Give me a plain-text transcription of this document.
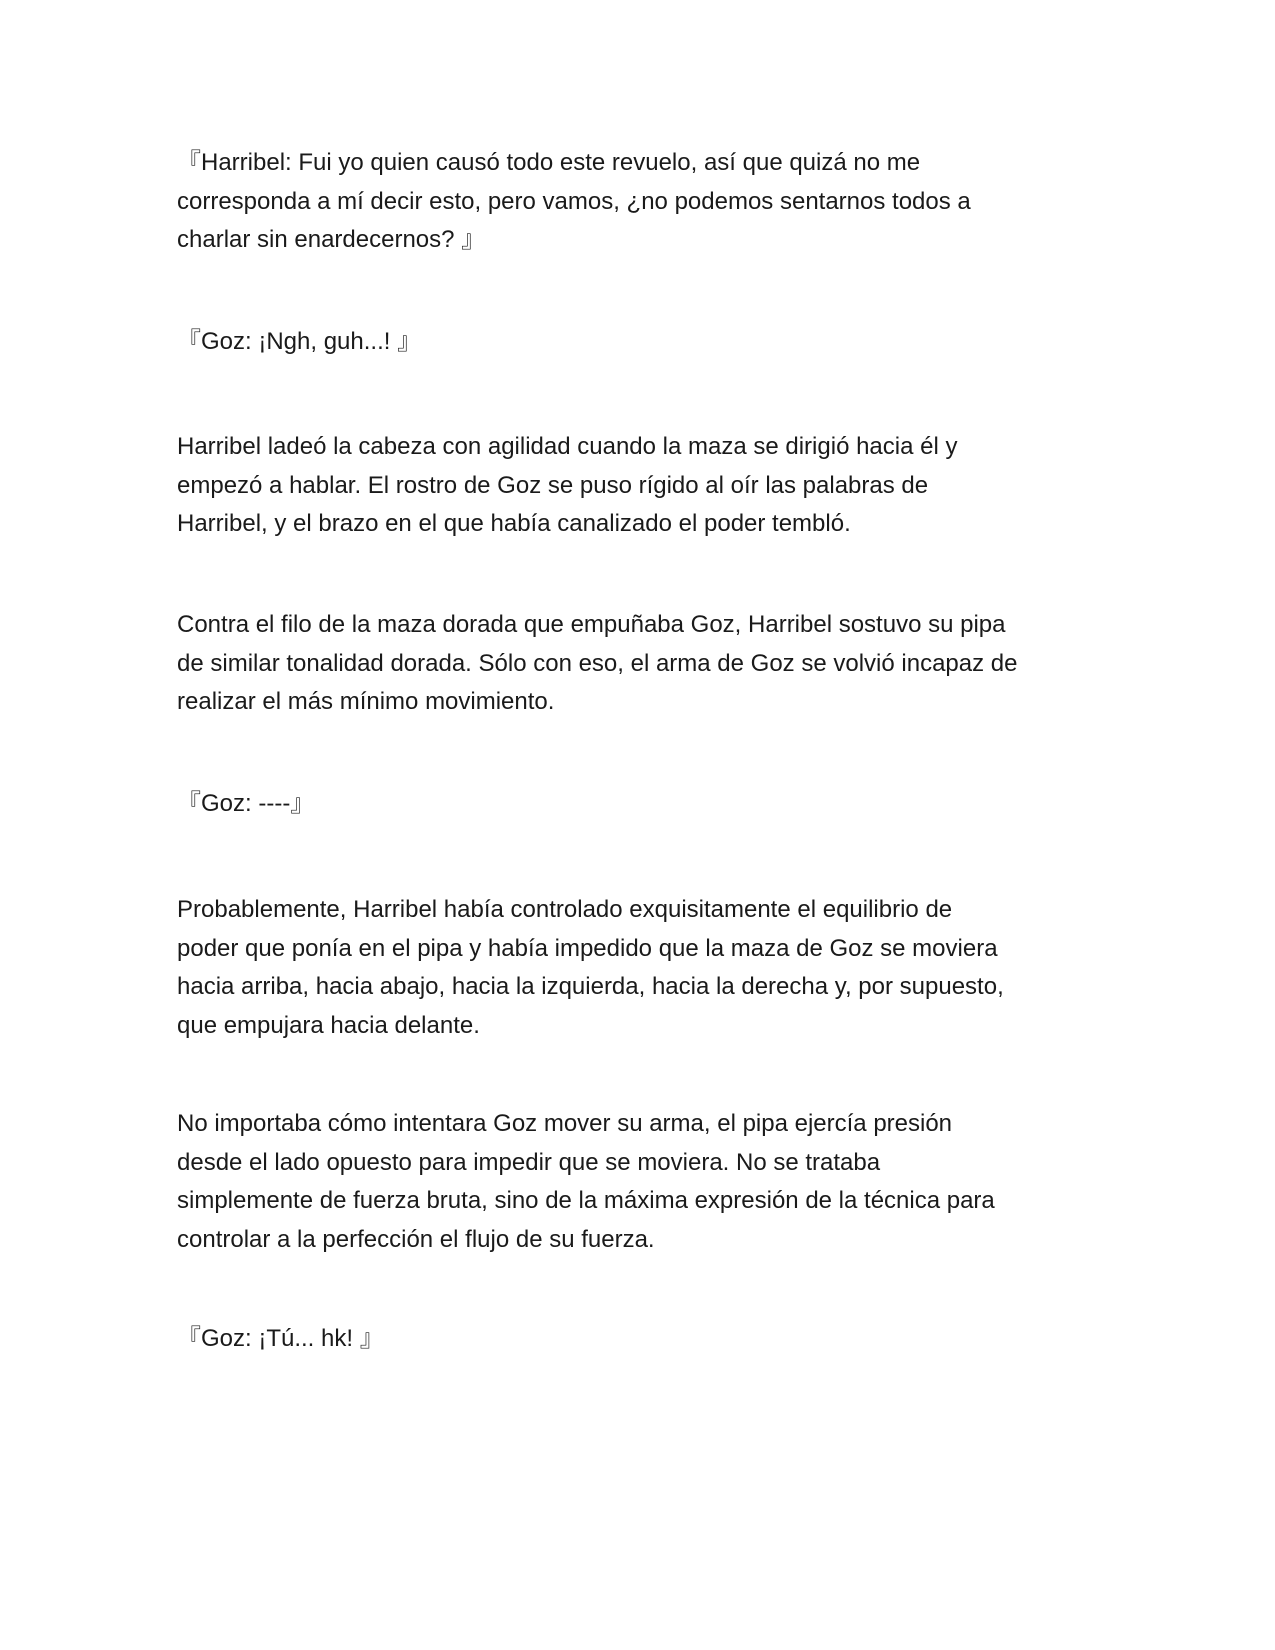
『Harribel: Fui yo quien causó todo este revuelo, así que quizá no me
corresponda a mí decir esto, pero vamos, ¿no podemos sentarnos todos a
charlar sin enardecernos? 』

『Goz: ¡Ngh, guh...! 』

Harribel ladeó la cabeza con agilidad cuando la maza se dirigió hacia él y
empezó a hablar. El rostro de Goz se puso rígido al oír las palabras de
Harribel, y el brazo en el que había canalizado el poder tembló.

Contra el filo de la maza dorada que empuñaba Goz, Harribel sostuvo su pipa
de similar tonalidad dorada. Sólo con eso, el arma de Goz se volvió incapaz de
realizar el más mínimo movimiento.

『Goz: ----』

Probablemente, Harribel había controlado exquisitamente el equilibrio de
poder que ponía en el pipa y había impedido que la maza de Goz se moviera
hacia arriba, hacia abajo, hacia la izquierda, hacia la derecha y, por supuesto,
que empujara hacia delante.

No importaba cómo intentara Goz mover su arma, el pipa ejercía presión
desde el lado opuesto para impedir que se moviera. No se trataba
simplemente de fuerza bruta, sino de la máxima expresión de la técnica para
controlar a la perfección el flujo de su fuerza.

『Goz: ¡Tú... hk! 』
